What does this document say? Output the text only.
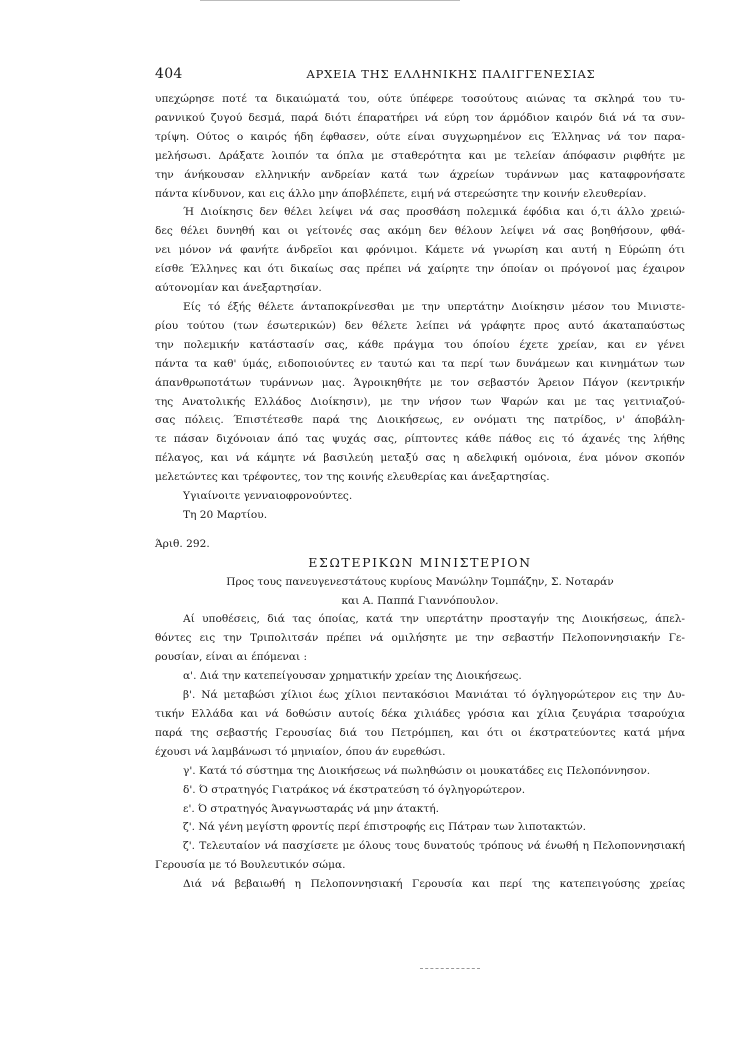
404	ΑΡΧΕΙΑ ΤΗΣ ΕΛΛΗΝΙΚΗΣ ΠΑΛΙΓΓΕΝΕΣΙΑΣ
υπεχώρησε ποτέ τα δικαιώματά του, ούτε ύπέφερε τοσούτους αιώνας τα σκληρά του τυ-
ραννικού ζυγού δεσμά, παρά διότι έπαρατήρει νά εύρη τον άρμόδιον καιρόν διά νά τα συν-
τρίψη. Ούτος ο καιρός ήδη έφθασεν, ούτε είναι συγχωρημένον εις Έλληνας νά τον παρα-
μελήσωσι. Δράξατε λοιπόν τα όπλα με σταθερότητα και με τελείαν άπόφασιν ριφθήτε με
την άνήκουσαν ελληνικήν ανδρείαν κατά των άχρείων τυράννων μας καταφρονήσατε
πάντα κίνδυνον, και εις άλλο μην άποβλέπετε, ειμή νά στερεώσητε την κοινήν ελευθερίαν.
Ή Διοίκησις δεν θέλει λείψει νά σας προσθάση πολεμικά έφόδια και ό,τι άλλο χρειώ-
δες θέλει δυνηθή και οι γείτονές σας ακόμη δεν θέλουν λείψει νά σας βοηθήσουν, φθά-
νει μόνον νά φανήτε άνδρεϊοι και φρόνιμοι. Κάμετε νά γνωρίση και αυτή η Εύρώπη ότι
είσθε Έλληνες και ότι δικαίως σας πρέπει νά χαίρητε την όποίαν οι πρόγονοί μας έχαιρον
αύτονομίαν και άνεξαρτησίαν.
Είς τό έξής θέλετε άνταποκρίνεσθαι με την υπερτάτην Διοίκησιν μέσον του Μινιστε-
ρίου τούτου (των έσωτερικών) δεν θέλετε λείπει νά γράφητε προς αυτό άκαταπαύστως
την πολεμικήν κατάστασίν σας, κάθε πράγμα του όποίου έχετε χρείαν, και εν γένει
πάντα τα καθ' ύμάς, ειδοποιούντες εν ταυτώ και τα περί των δυνάμεων και κινημάτων των
άπανθρωποτάτων τυράννων μας. Άγροικηθήτε με τον σεβαστόν Άρειον Πάγον (κεντρικήν
της Ανατολικής Ελλάδος Διοίκησιν), με την νήσον των Ψαρών και με τας γειτνιαζού-
σας πόλεις. Έπιστέτεσθε παρά της Διοικήσεως, εν ονόματι της πατρίδος, ν' άποβάλη-
τε πάσαν διχόνοιαν άπό τας ψυχάς σας, ρίπτοντες κάθε πάθος εις τό άχανές της λήθης
πέλαγος, και νά κάμητε νά βασιλεύη μεταξύ σας η αδελφική ομόνοια, ένα μόνον σκοπόν
μελετώντες και τρέφοντες, τον της κοινής ελευθερίας και άνεξαρτησίας.
Υγιαίνοιτε γενναιοφρονούντες.
Τη 20 Μαρτίου.
Άριθ. 292.
ΕΣΩΤΕΡΙΚΩΝ ΜΙΝΙΣΤΕΡΙΟΝ
Προς τους πανευγενεστάτους κυρίους Μανώλην Τομπάζην, Σ. Νοταράν
και Α. Παππά Γιαννόπουλον.
Αί υποθέσεις, διά τας όποίας, κατά την υπερτάτην προσταγήν της Διοικήσεως, άπελ-
θόντες εις την Τριπολιτσάν πρέπει νά ομιλήσητε με την σεβαστήν Πελοποννησιακήν Γε-
ρουσίαν, είναι αι έπόμεναι :
α'. Διά την κατεπείγουσαν χρηματικήν χρείαν της Διοικήσεως.
β'. Νά μεταβώσι χίλιοι έως χίλιοι πεντακόσιοι Μανιάται τό όγληγορώτερον εις την Δυ-
τικήν Ελλάδα και νά δοθώσιν αυτοίς δέκα χιλιάδες γρόσια και χίλια ζευγάρια τσαρούχια
παρά της σεβαστής Γερουσίας διά του Πετρόμπεη, και ότι οι έκστρατεύοντες κατά μήνα
έχουσι νά λαμβάνωσι τό μηνιαίον, όπου άν ευρεθώσι.
γ'. Κατά τό σύστημα της Διοικήσεως νά πωληθώσιν οι μουκατάδες εις Πελοπόννησον.
δ'. Ό στρατηγός Γιατράκος νά έκστρατεύση τό όγληγορώτερον.
ε'. Ό στρατηγός Άναγνωσταράς νά μην άτακτή.
ζ'. Νά γένη μεγίστη φροντίς περί έπιστροφής εις Πάτραν των λιποτακτών.
ζ'. Τελευταίον νά πασχίσετε με όλους τους δυνατούς τρόπους νά ένωθή η Πελοποννησιακή
Γερουσία με τό Βουλευτικόν σώμα.
Διά νά βεβαιωθή η Πελοποννησιακή Γερουσία και περί της κατεπειγούσης χρείας
